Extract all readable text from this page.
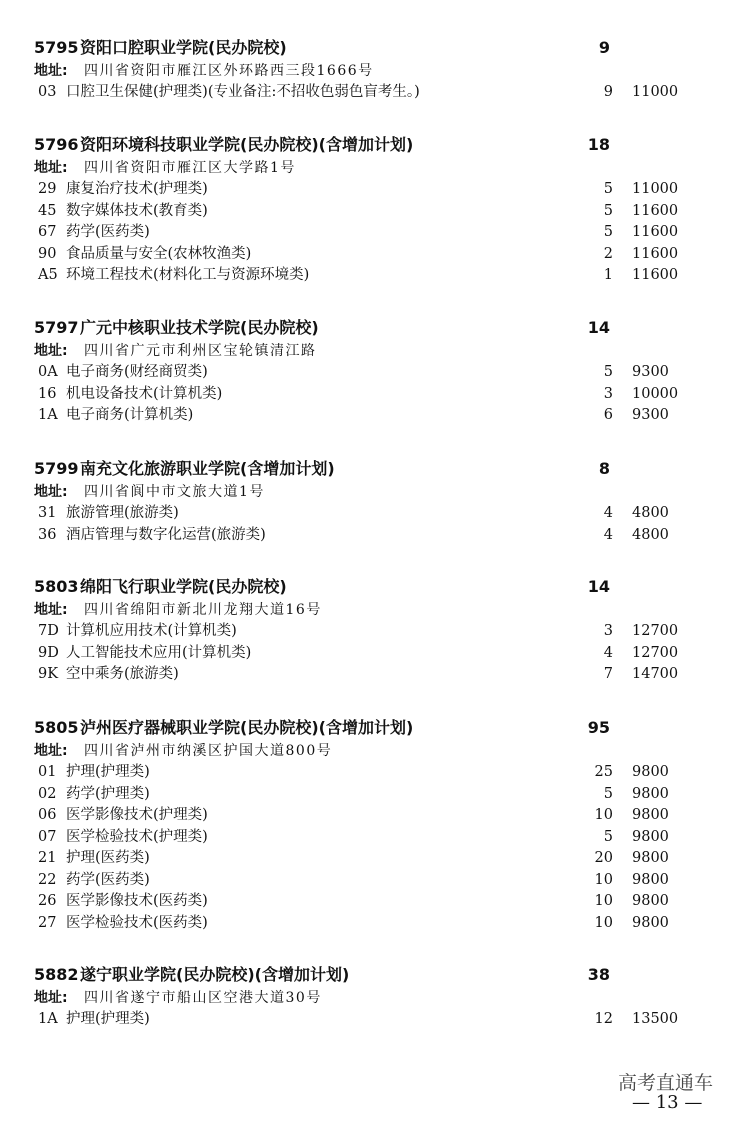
5795 资阳口腔职业学院(民办院校)	9
地址: 四川省资阳市雁江区外环路西三段1666号
03 口腔卫生保健(护理类)(专业备注:不招收色弱色盲考生。)	9 11000
5796 资阳环境科技职业学院(民办院校)(含增加计划)	18
地址: 四川省资阳市雁江区大学路1号
29 康复治疗技术(护理类)	5 11000
45 数字媒体技术(教育类)	5 11600
67 药学(医药类)	5 11600
90 食品质量与安全(农林牧渔类)	2 11600
A5 环境工程技术(材料化工与资源环境类)	1 11600
5797 广元中核职业技术学院(民办院校)	14
地址: 四川省广元市利州区宝轮镇清江路
0A 电子商务(财经商贸类)	5 9300
16 机电设备技术(计算机类)	3 10000
1A 电子商务(计算机类)	6 9300
5799 南充文化旅游职业学院(含增加计划)	8
地址: 四川省阆中市文旅大道1号
31 旅游管理(旅游类)	4 4800
36 酒店管理与数字化运营(旅游类)	4 4800
5803 绵阳飞行职业学院(民办院校)	14
地址: 四川省绵阳市新北川龙翔大道16号
7D 计算机应用技术(计算机类)	3 12700
9D 人工智能技术应用(计算机类)	4 12700
9K 空中乘务(旅游类)	7 14700
5805 泸州医疗器械职业学院(民办院校)(含增加计划)	95
地址: 四川省泸州市纳溪区护国大道800号
01 护理(护理类)	25 9800
02 药学(护理类)	5 9800
06 医学影像技术(护理类)	10 9800
07 医学检验技术(护理类)	5 9800
21 护理(医药类)	20 9800
22 药学(医药类)	10 9800
26 医学影像技术(医药类)	10 9800
27 医学检验技术(医药类)	10 9800
5882 遂宁职业学院(民办院校)(含增加计划)	38
地址: 四川省遂宁市船山区空港大道30号
1A 护理(护理类)	12 13500
高考直通车
— 13 —
